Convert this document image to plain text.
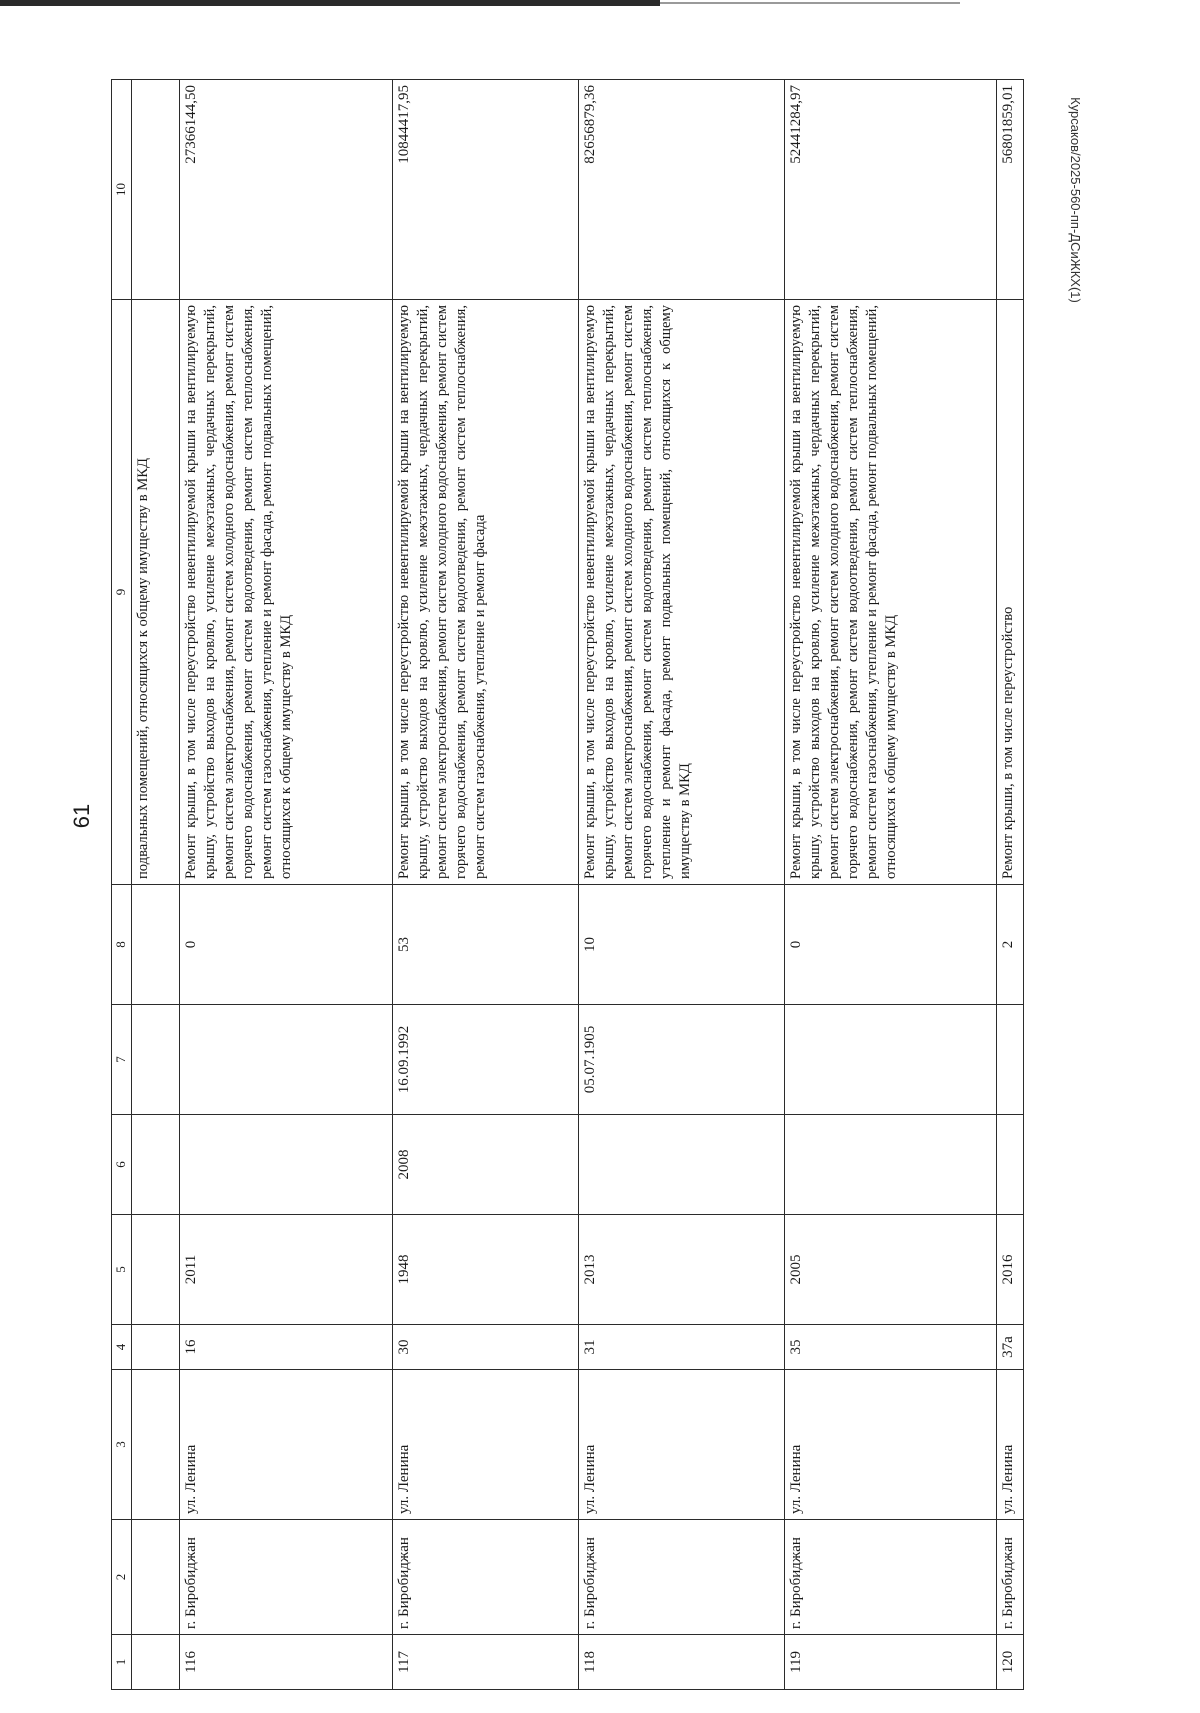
61
Курсаков/2025-560-пп-ДСиЖКХ(1)
1	2	3	4	5	6	7	8	9	10
								подвальных помещений, относящихся к общему имуществу в МКД	
116	г. Биробиджан	ул. Ленина	16	2011			0	Ремонт крыши, в том числе переустройство невентилируемой крыши на вентилируемую крышу, устройство выходов на кровлю, усиление межэтажных, чердачных перекрытий, ремонт систем электроснабжения, ремонт систем холодного водоснабжения, ремонт систем горячего водоснабжения, ремонт систем водоотведения, ремонт систем теплоснабжения, ремонт систем газоснабжения, утепление и ремонт фасада, ремонт подвальных помещений, относящихся к общему имуществу в МКД	27366144,50
117	г. Биробиджан	ул. Ленина	30	1948	2008	16.09.1992	53	Ремонт крыши, в том числе переустройство невентилируемой крыши на вентилируемую крышу, устройство выходов на кровлю, усиление межэтажных, чердачных перекрытий, ремонт систем электроснабжения, ремонт систем холодного водоснабжения, ремонт систем горячего водоснабжения, ремонт систем водоотведения, ремонт систем теплоснабжения, ремонт систем газоснабжения, утепление и ремонт фасада	10844417,95
118	г. Биробиджан	ул. Ленина	31	2013		05.07.1905	10	Ремонт крыши, в том числе переустройство невентилируемой крыши на вентилируемую крышу, устройство выходов на кровлю, усиление межэтажных, чердачных перекрытий, ремонт систем электроснабжения, ремонт систем холодного водоснабжения, ремонт систем горячего водоснабжения, ремонт систем водоотведения, ремонт систем теплоснабжения, утепление и ремонт фасада, ремонт подвальных помещений, относящихся к общему имуществу в МКД	82656879,36
119	г. Биробиджан	ул. Ленина	35	2005			0	Ремонт крыши, в том числе переустройство невентилируемой крыши на вентилируемую крышу, устройство выходов на кровлю, усиление межэтажных, чердачных перекрытий, ремонт систем электроснабжения, ремонт систем холодного водоснабжения, ремонт систем горячего водоснабжения, ремонт систем водоотведения, ремонт систем теплоснабжения, ремонт систем газоснабжения, утепление и ремонт фасада, ремонт подвальных помещений, относящихся к общему имуществу в МКД	52441284,97
120	г. Биробиджан	ул. Ленина	37а	2016			2	Ремонт крыши, в том числе переустройство	56801859,01
